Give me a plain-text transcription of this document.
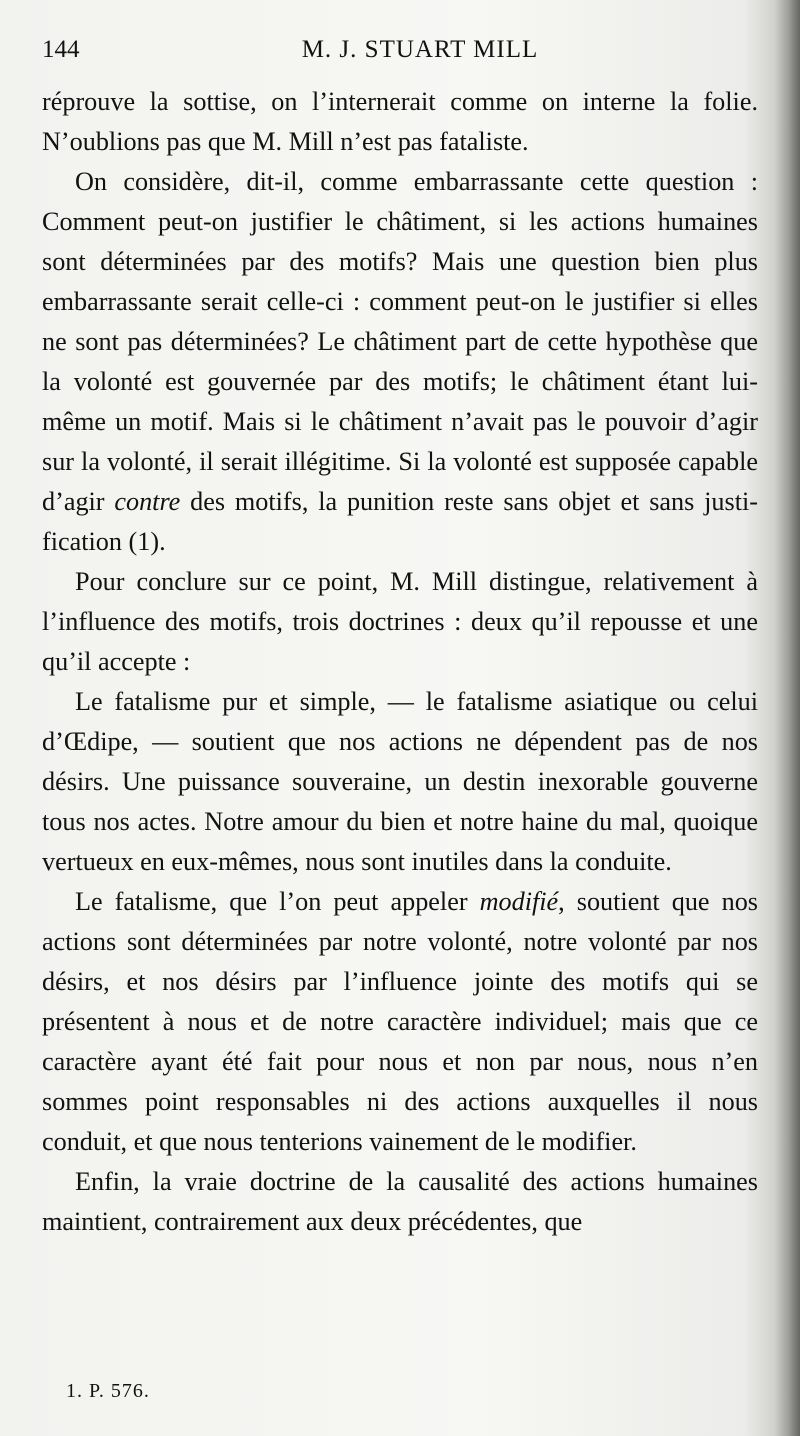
144	M. J. STUART MILL

réprouve la sottise, on l’internerait comme on interne la folie. N’oublions pas que M. Mill n’est pas fataliste.

On considère, dit-il, comme embarrassante cette question : Comment peut-on justifier le châtiment, si les actions humaines sont déterminées par des motifs? Mais une question bien plus embarrassante serait celle-ci : comment peut-on le justifier si elles ne sont pas déterminées? Le châtiment part de cette hypothèse que la volonté est gouvernée par des motifs; le châtiment étant lui-même un motif. Mais si le châtiment n’avait pas le pouvoir d’agir sur la volonté, il serait illégitime. Si la volonté est supposée capable d’agir contre des motifs, la punition reste sans objet et sans justification (1).

Pour conclure sur ce point, M. Mill distingue, relativement à l’influence des motifs, trois doctrines : deux qu’il repousse et une qu’il accepte :

Le fatalisme pur et simple, — le fatalisme asiatique ou celui d’Œdipe, — soutient que nos actions ne dépendent pas de nos désirs. Une puissance souveraine, un destin inexorable gouverne tous nos actes. Notre amour du bien et notre haine du mal, quoique vertueux en eux-mêmes, nous sont inutiles dans la conduite.

Le fatalisme, que l’on peut appeler modifié, soutient que nos actions sont déterminées par notre volonté, notre volonté par nos désirs, et nos désirs par l’influence jointe des motifs qui se présentent à nous et de notre caractère individuel; mais que ce caractère ayant été fait pour nous et non par nous, nous n’en sommes point responsables ni des actions auxquelles il nous conduit, et que nous tenterions vainement de le modifier.

Enfin, la vraie doctrine de la causalité des actions humaines maintient, contrairement aux deux précédentes, que

1. P. 576.
